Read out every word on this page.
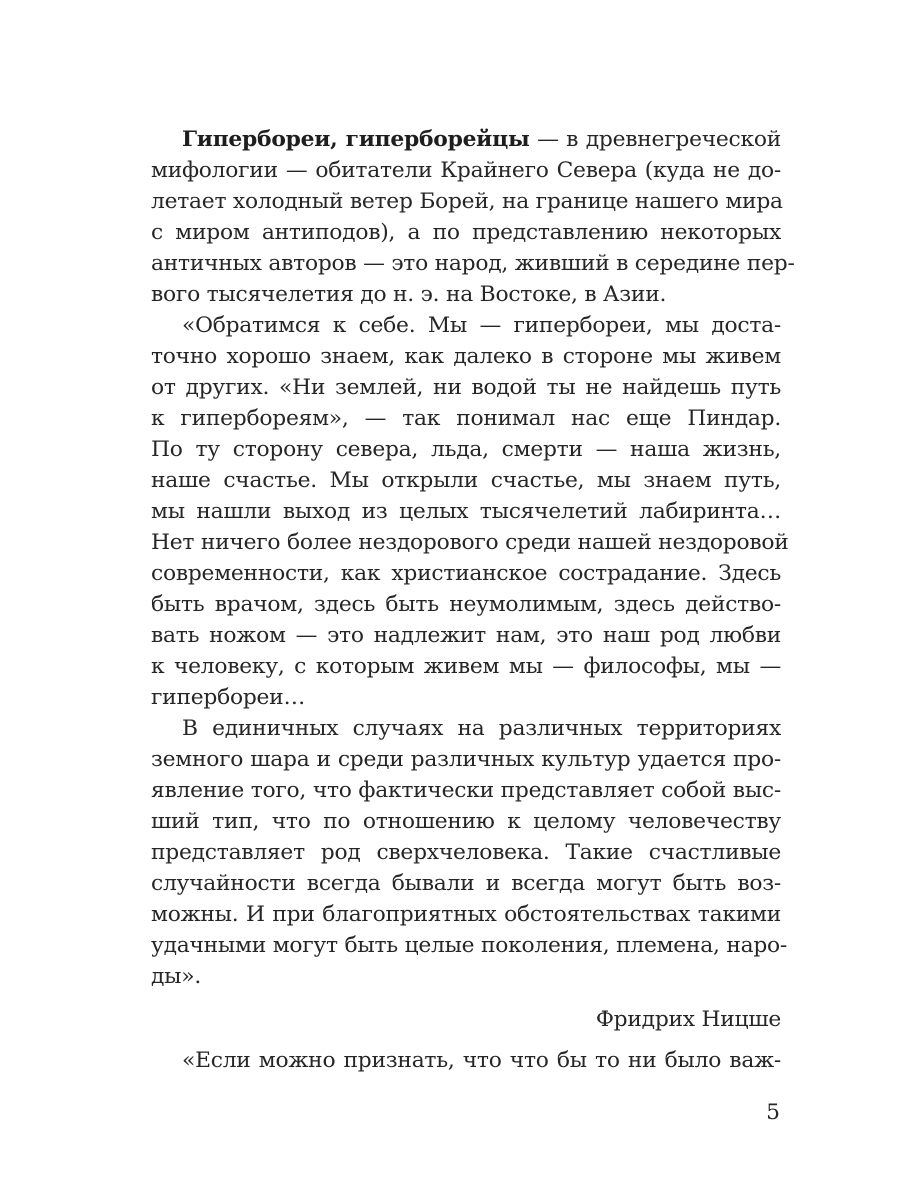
Гипербореи, гиперборейцы — в древнегреческой
мифологии — обитатели Крайнего Севера (куда не до-
летает холодный ветер Борей, на границе нашего мира
с миром антиподов), а по представлению некоторых
античных авторов — это народ, живший в середине пер-
вого тысячелетия до н. э. на Востоке, в Азии.
«Обратимся к себе. Мы — гипербореи, мы доста-
точно хорошо знаем, как далеко в стороне мы живем
от других. «Ни землей, ни водой ты не найдешь путь
к гипербореям», — так понимал нас еще Пиндар.
По ту сторону севера, льда, смерти — наша жизнь,
наше счастье. Мы открыли счастье, мы знаем путь,
мы нашли выход из целых тысячелетий лабиринта…
Нет ничего более нездорового среди нашей нездоровой
современности, как христианское сострадание. Здесь
быть врачом, здесь быть неумолимым, здесь действо-
вать ножом — это надлежит нам, это наш род любви
к человеку, с которым живем мы — философы, мы —
гипербореи…
В единичных случаях на различных территориях
земного шара и среди различных культур удается про-
явление того, что фактически представляет собой выс-
ший тип, что по отношению к целому человечеству
представляет род сверхчеловека. Такие счастливые
случайности всегда бывали и всегда могут быть воз-
можны. И при благоприятных обстоятельствах такими
удачными могут быть целые поколения, племена, наро-
ды».
Фридрих Ницше
«Если можно признать, что что бы то ни было важ-
5
